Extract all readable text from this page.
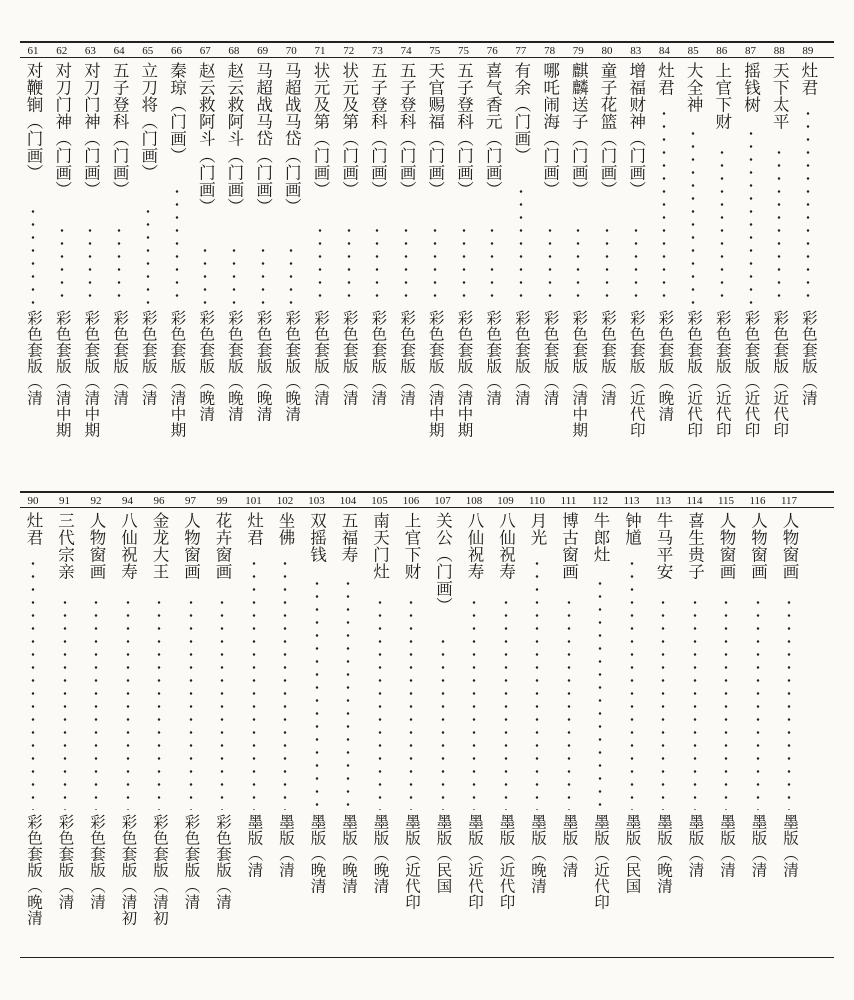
61
对鞭锏（门画）
彩色套版（清
62
对刀门神（门画）
彩色套版（清中期
63
对刀门神（门画）
彩色套版（清中期
64
五子登科（门画）
彩色套版（清
65
立刀将（门画）
彩色套版（清
66
秦琼（门画）
彩色套版（清中期
67
赵云救阿斗（门画）
彩色套版（晚清
68
赵云救阿斗（门画）
彩色套版（晚清
69
马超战马岱（门画）
彩色套版（晚清
70
马超战马岱（门画）
彩色套版（晚清
71
状元及第（门画）
彩色套版（清
72
状元及第（门画）
彩色套版（清
73
五子登科（门画）
彩色套版（清
74
五子登科（门画）
彩色套版（清
75
天官赐福（门画）
彩色套版（清中期
75
五子登科（门画）
彩色套版（清中期
76
喜气香元（门画）
彩色套版（清
77
有余（门画）
彩色套版（清
78
哪吒闹海（门画）
彩色套版（清
79
麒麟送子（门画）
彩色套版（清中期
80
童子花篮（门画）
彩色套版（清
83
增福财神（门画）
彩色套版（近代印
84
灶君
彩色套版（晚清
85
大全神
彩色套版（近代印
86
上官下财
彩色套版（近代印
87
摇钱树
彩色套版（近代印
88
天下太平
彩色套版（近代印
89
灶君
彩色套版（清
90
灶君
彩色套版（晚清
91
三代宗亲
彩色套版（清
92
人物窗画
彩色套版（清
94
八仙祝寿
彩色套版（清初
96
金龙大王
彩色套版（清初
97
人物窗画
彩色套版（清
99
花卉窗画
彩色套版（清
101
灶君
墨版（清
102
坐佛
墨版（清
103
双摇钱
墨版（晚清
104
五福寿
墨版（晚清
105
南天门灶
墨版（晚清
106
上官下财
墨版（近代印
107
关公（门画）
墨版（民国
108
八仙祝寿
墨版（近代印
109
八仙祝寿
墨版（近代印
110
月光
墨版（晚清
111
博古窗画
墨版（清
112
牛郎灶
墨版（近代印
113
钟馗
墨版（民国
113
牛马平安
墨版（晚清
114
喜生贵子
墨版（清
115
人物窗画
墨版（清
116
人物窗画
墨版（清
117
人物窗画
墨版（清
